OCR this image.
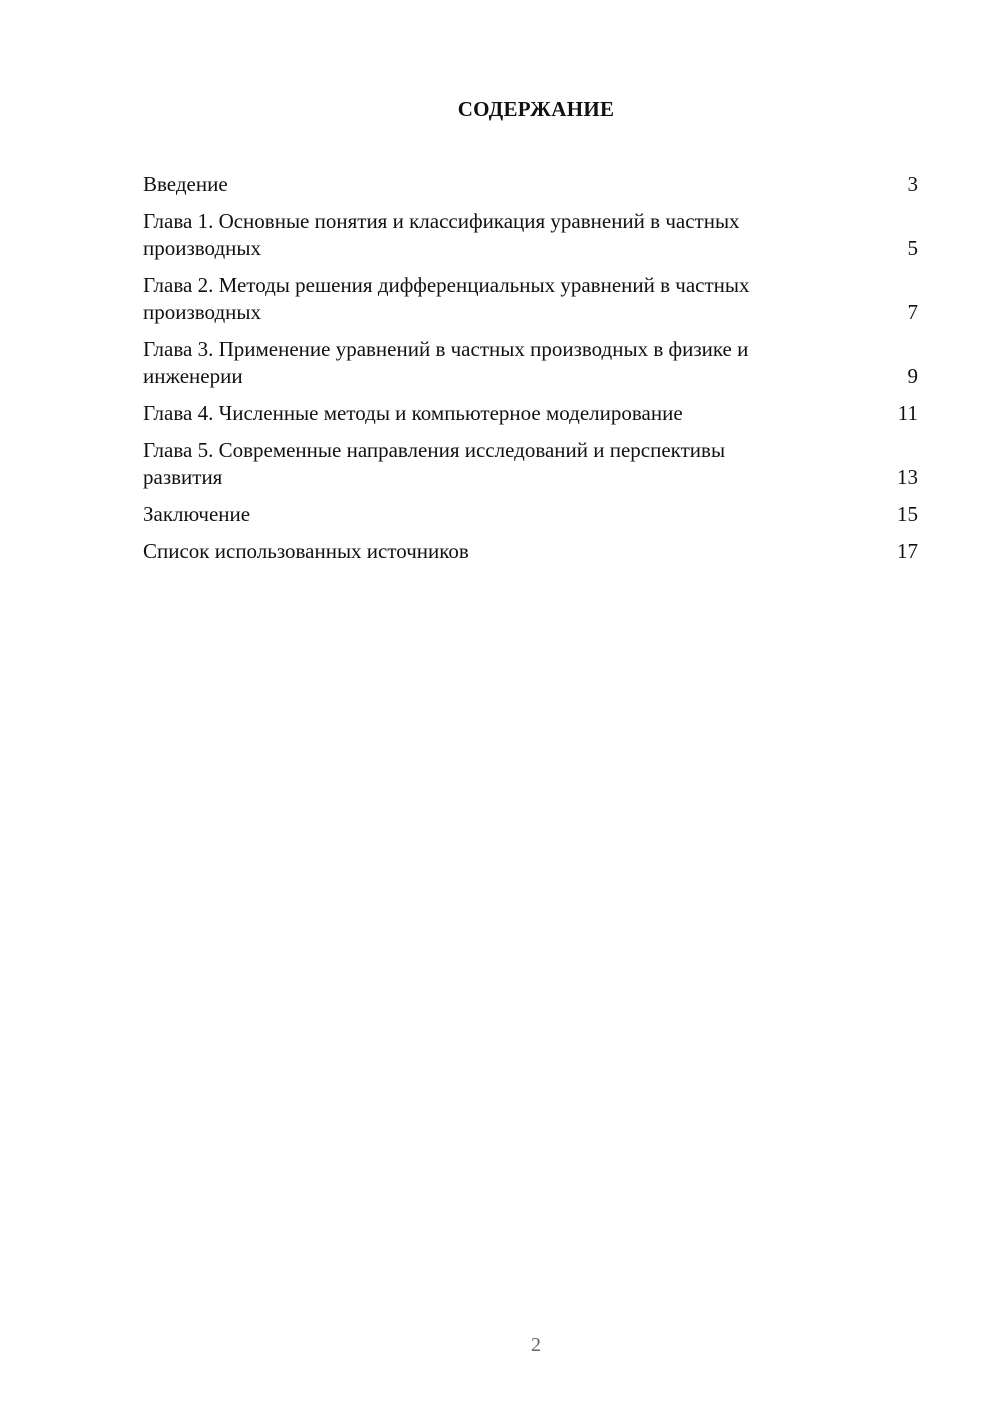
СОДЕРЖАНИЕ
Введение	3
Глава 1. Основные понятия и классификация уравнений в частных производных	5
Глава 2. Методы решения дифференциальных уравнений в частных производных	7
Глава 3. Применение уравнений в частных производных в физике и инженерии	9
Глава 4. Численные методы и компьютерное моделирование	11
Глава 5. Современные направления исследований и перспективы развития	13
Заключение	15
Список использованных источников	17
2
